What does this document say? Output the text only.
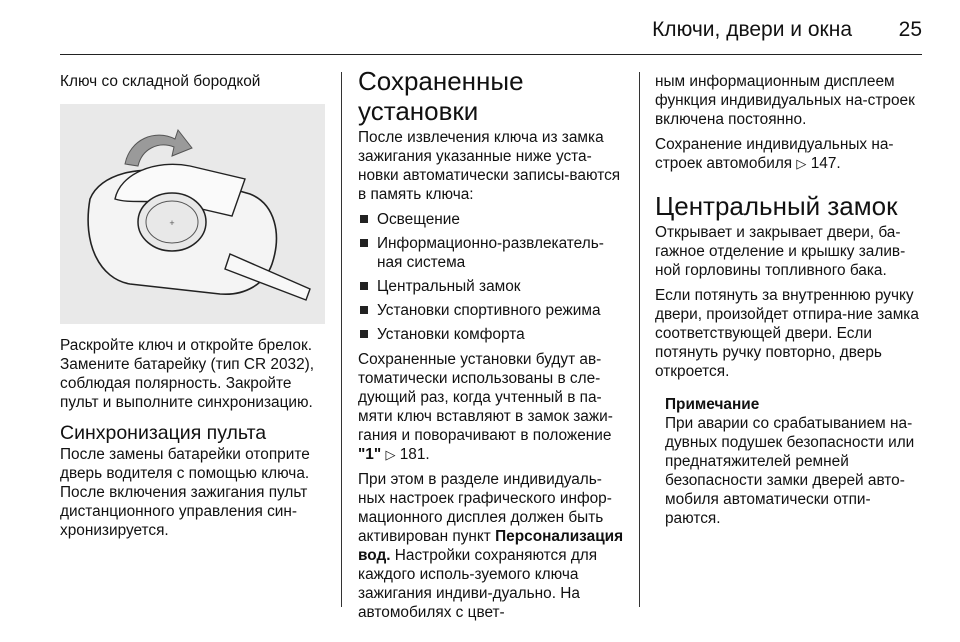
Ключи, двери и окна 25
Ключ со складной бородкой
+

Раскройте ключ и откройте брелок. Замените батарейку (тип CR 2032), соблюдая полярность. Закройте пульт и выполните синхронизацию.

Синхронизация пульта

После замены батарейки отоприте дверь водителя с помощью ключа. После включения зажигания пульт дистанционного управления син-хронизируется.

Сохраненные установки

После извлечения ключа из замка зажигания указанные ниже уста-новки автоматически записы-ваются в память ключа:

Освещение
Информационно-развлекатель-ная система
Центральный замок
Установки спортивного режима
Установки комфорта

Сохраненные установки будут ав-томатически использованы в сле-дующий раз, когда учтенный в па-мяти ключ вставляют в замок зажи-гания и поворачивают в положение "1" ▷ 181.

При этом в разделе индивидуаль-ных настроек графического инфор-мационного дисплея должен быть активирован пункт Персонализация вод. Настройки сохраняются для каждого исполь-зуемого ключа зажигания индиви-дуально. На автомобилях с цвет-

ным информационным дисплеем функция индивидуальных на-строек включена постоянно.

Сохранение индивидуальных на-строек автомобиля ▷ 147.

Центральный замок

Открывает и закрывает двери, ба-гажное отделение и крышку залив-ной горловины топливного бака.

Если потянуть за внутреннюю ручку двери, произойдет отпира-ние замка соответствующей двери. Если потянуть ручку повторно, дверь откроется.

Примечание
При аварии со срабатыванием на-дувных подушек безопасности или преднатяжителей ремней безопасности замки дверей авто-мобиля автоматически отпи-раются.
